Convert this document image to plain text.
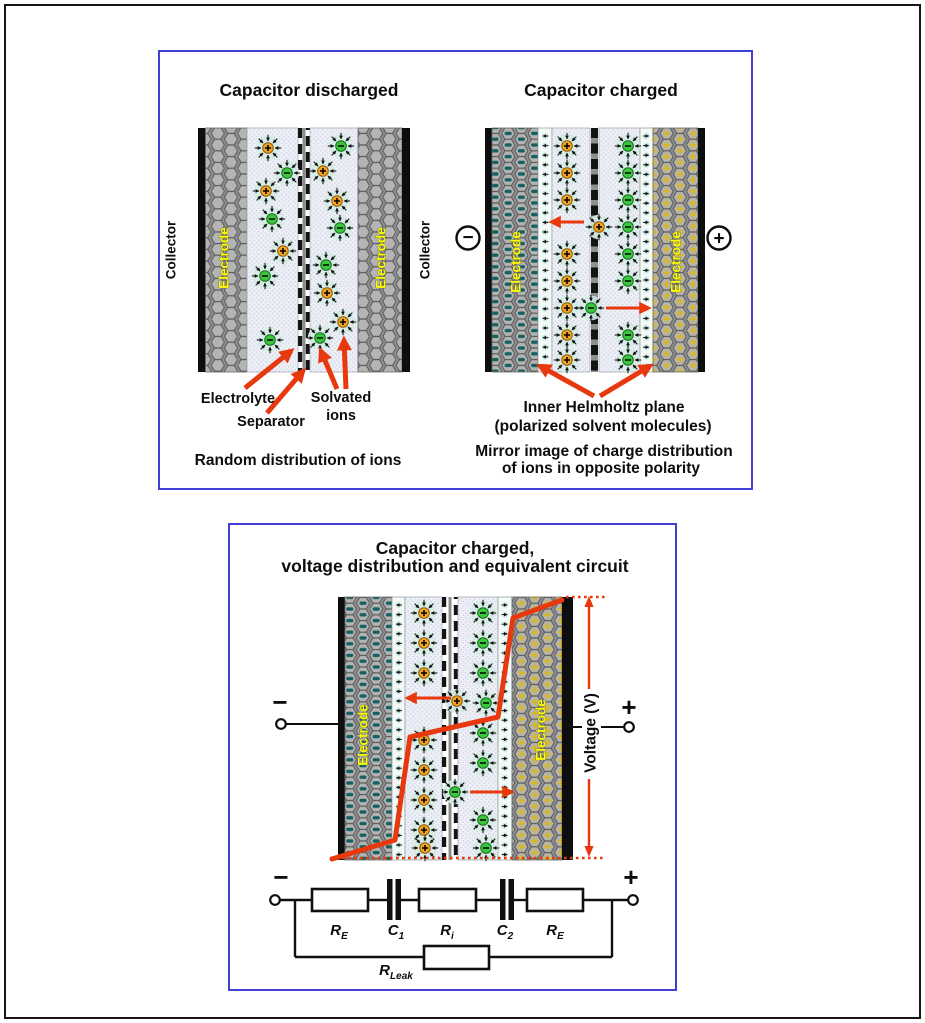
Collector	Collector
Electrode	Electrode	−	+
Electrode	Electrode
Electrode	Electrode Voltage (V)
−	+
−	+
Capacitor discharged	Capacitor charged
Electrolyte
Separator
Solvated
ions
Random distribution of ions
Inner Helmholtz plane
(polarized solvent molecules)
Mirror image of charge distribution
of ions in opposite polarity
Capacitor charged,
voltage distribution and equivalent circuit
$R_E$	$C_1$ $R_i$	$C_2$ $R_E$
$R_{Leak}$
